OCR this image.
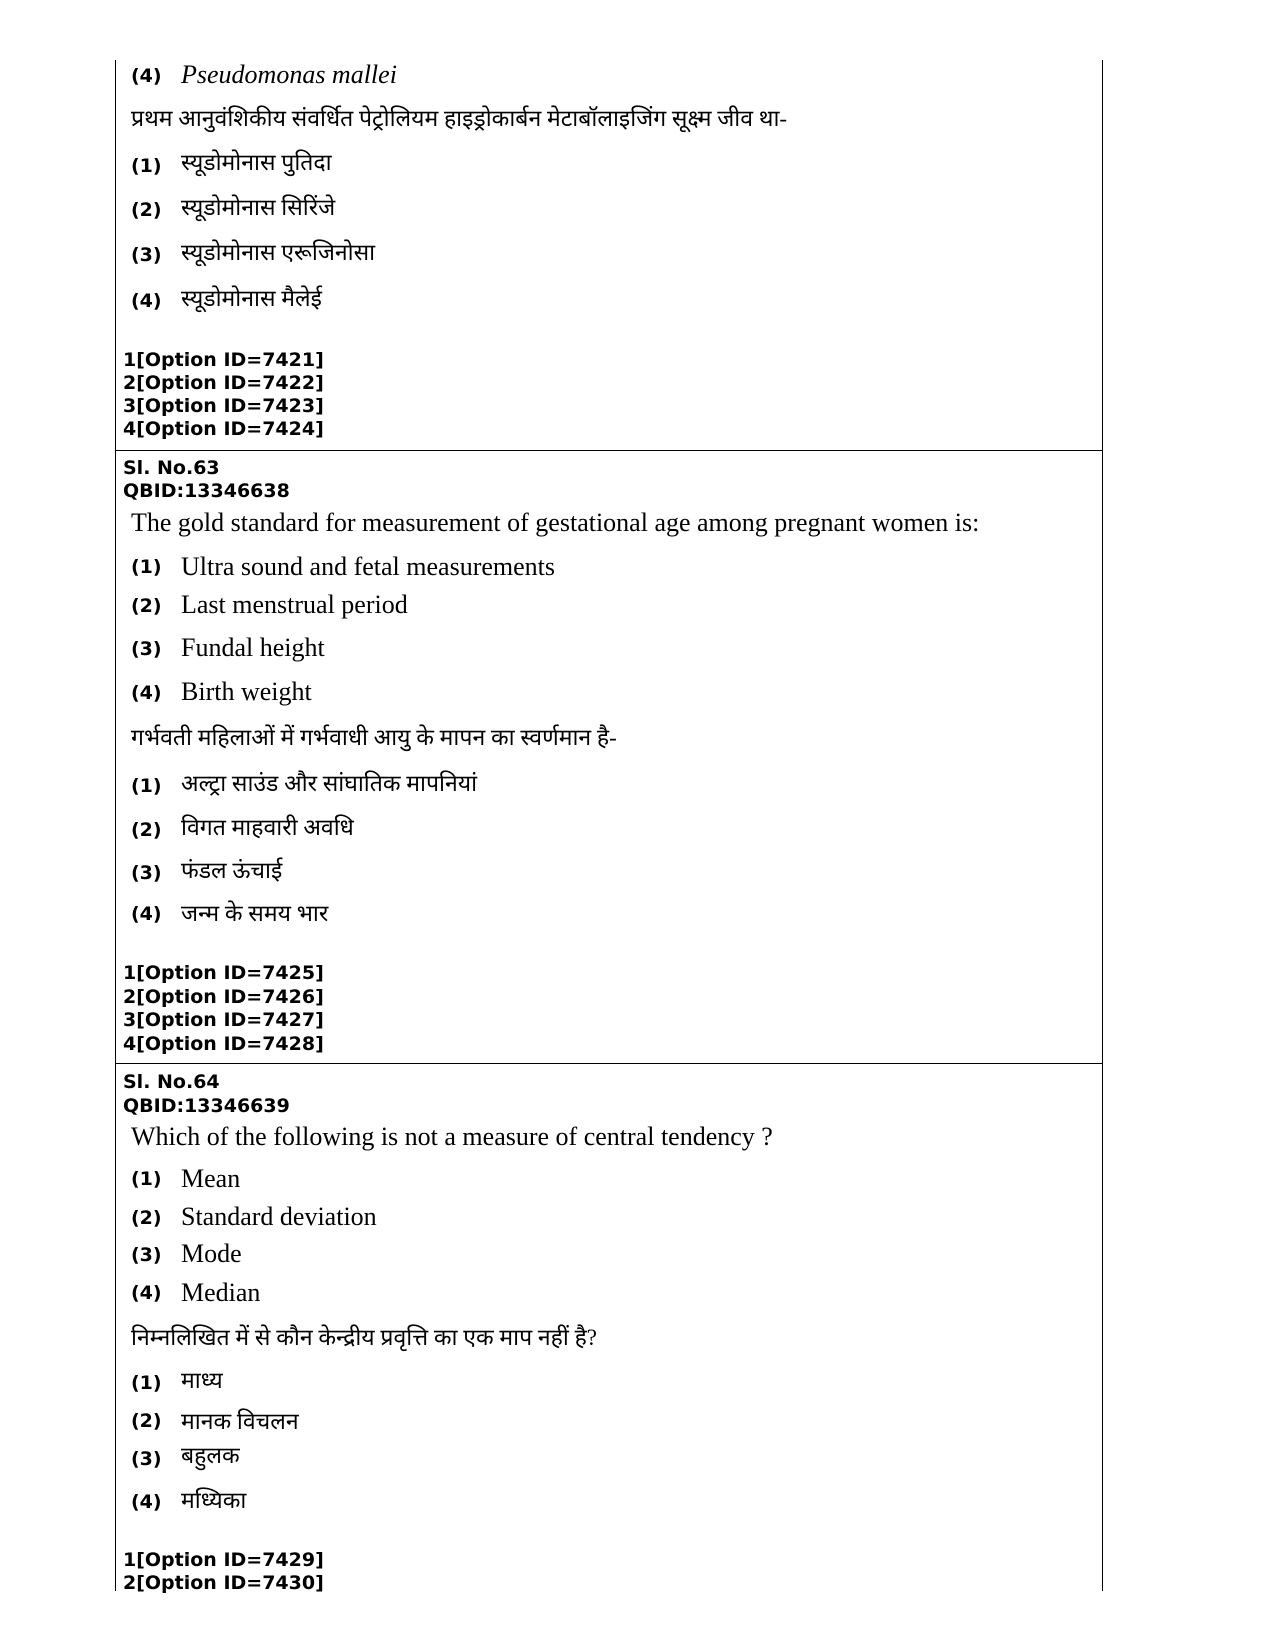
(4) Pseudomonas mallei
प्रथम आनुवंशिकीय संवर्धित पेट्रोलियम हाइड्रोकार्बन मेटाबॉलाइजिंग सूक्ष्म जीव था-
(1) स्यूडोमोनास पुतिदा
(2) स्यूडोमोनास सिरिंजे
(3) स्यूडोमोनास एरूजिनोसा
(4) स्यूडोमोनास मैलेई
1[Option ID=7421]
2[Option ID=7422]
3[Option ID=7423]
4[Option ID=7424]
Sl. No.63
QBID:13346638
The gold standard for measurement of gestational age among pregnant women is:
(1) Ultra sound and fetal measurements
(2) Last menstrual period
(3) Fundal height
(4) Birth weight
गर्भवती महिलाओं में गर्भवाधी आयु के मापन का स्वर्णमान है-
(1) अल्ट्रा साउंड और सांघातिक मापनियां
(2) विगत माहवारी अवधि
(3) फंडल ऊंचाई
(4) जन्म के समय भार
1[Option ID=7425]
2[Option ID=7426]
3[Option ID=7427]
4[Option ID=7428]
Sl. No.64
QBID:13346639
Which of the following is not a measure of central tendency ?
(1) Mean
(2) Standard deviation
(3) Mode
(4) Median
निम्नलिखित में से कौन केन्द्रीय प्रवृत्ति का एक माप नहीं है?
(1) माध्य
(2) मानक विचलन
(3) बहुलक
(4) मध्यिका
1[Option ID=7429]
2[Option ID=7430]
